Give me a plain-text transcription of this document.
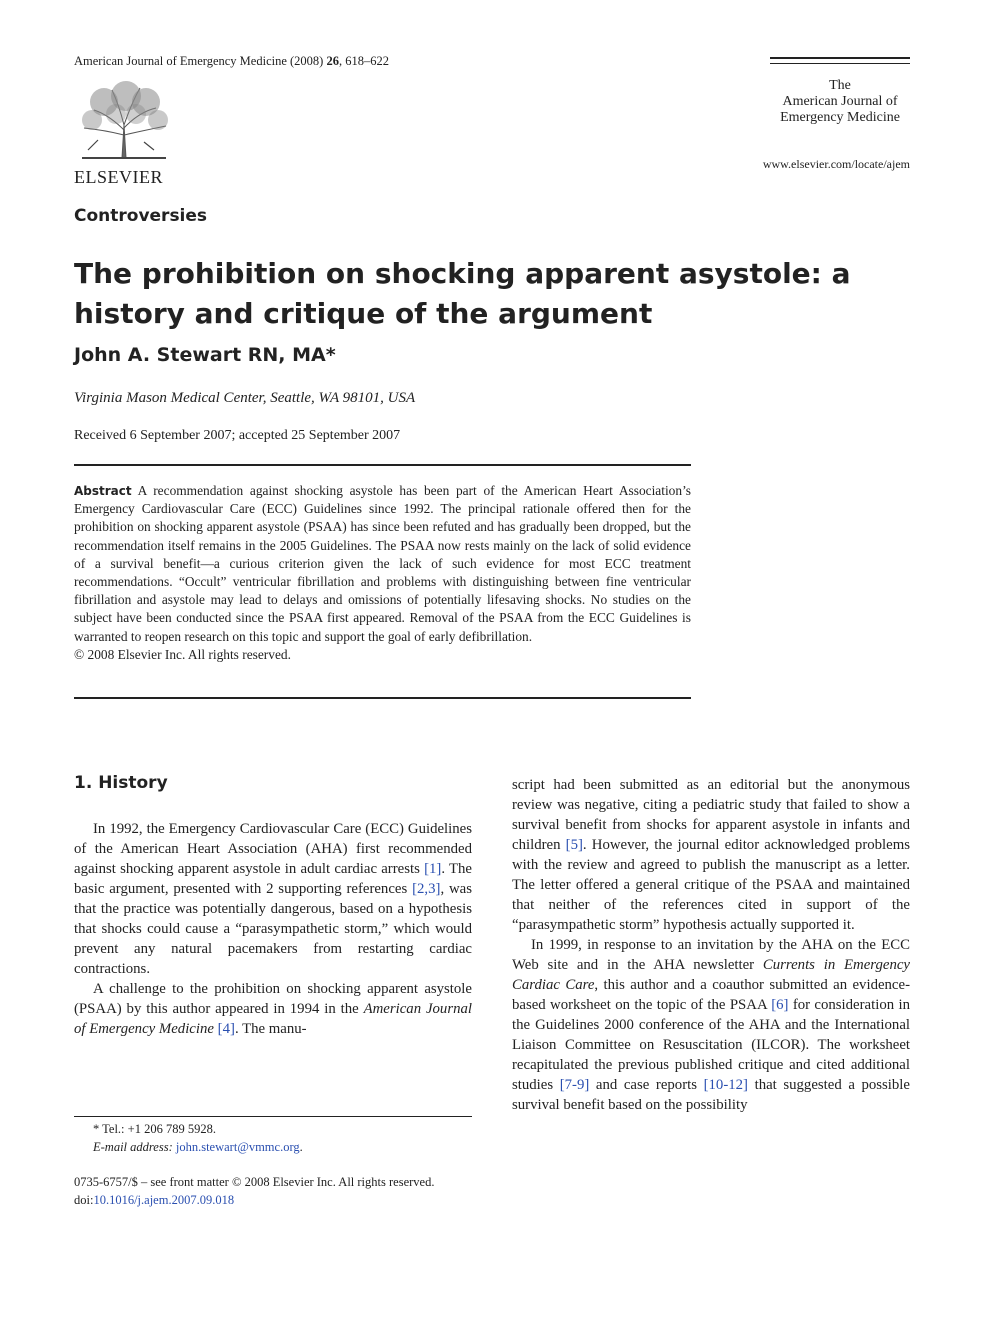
American Journal of Emergency Medicine (2008) 26, 618–622
ELSEVIER
The
American Journal of
Emergency Medicine
www.elsevier.com/locate/ajem
Controversies
The prohibition on shocking apparent asystole: a history and critique of the argument
John A. Stewart RN, MA*
Virginia Mason Medical Center, Seattle, WA 98101, USA
Received 6 September 2007; accepted 25 September 2007
Abstract A recommendation against shocking asystole has been part of the American Heart Association’s Emergency Cardiovascular Care (ECC) Guidelines since 1992. The principal rationale offered then for the prohibition on shocking apparent asystole (PSAA) has since been refuted and has gradually been dropped, but the recommendation itself remains in the 2005 Guidelines. The PSAA now rests mainly on the lack of solid evidence of a survival benefit—a curious criterion given the lack of such evidence for most ECC treatment recommendations. “Occult” ventricular fibrillation and problems with distinguishing between fine ventricular fibrillation and asystole may lead to delays and omissions of potentially lifesaving shocks. No studies on the subject have been conducted since the PSAA first appeared. Removal of the PSAA from the ECC Guidelines is warranted to reopen research on this topic and support the goal of early defibrillation.
© 2008 Elsevier Inc. All rights reserved.
1. History

In 1992, the Emergency Cardiovascular Care (ECC) Guidelines of the American Heart Association (AHA) first recommended against shocking apparent asystole in adult cardiac arrests [1]. The basic argument, presented with 2 supporting references [2,3], was that the practice was potentially dangerous, based on a hypothesis that shocks could cause a “parasympathetic storm,” which would prevent any natural pacemakers from restarting cardiac contractions.

A challenge to the prohibition on shocking apparent asystole (PSAA) by this author appeared in 1994 in the American Journal of Emergency Medicine [4]. The manu-

script had been submitted as an editorial but the anonymous review was negative, citing a pediatric study that failed to show a survival benefit from shocks for apparent asystole in infants and children [5]. However, the journal editor acknowledged problems with the review and agreed to publish the manuscript as a letter. The letter offered a general critique of the PSAA and maintained that neither of the references cited in support of the “parasympathetic storm” hypothesis actually supported it.

In 1999, in response to an invitation by the AHA on the ECC Web site and in the AHA newsletter Currents in Emergency Cardiac Care, this author and a coauthor submitted an evidence-based worksheet on the topic of the PSAA [6] for consideration in the Guidelines 2000 conference of the AHA and the International Liaison Committee on Resuscitation (ILCOR). The worksheet recapitulated the previous published critique and cited additional studies [7-9] and case reports [10-12] that suggested a possible survival benefit based on the possibility

* Tel.: +1 206 789 5928.
E-mail address: john.stewart@vmmc.org.
0735-6757/$ – see front matter © 2008 Elsevier Inc. All rights reserved.
doi:10.1016/j.ajem.2007.09.018
